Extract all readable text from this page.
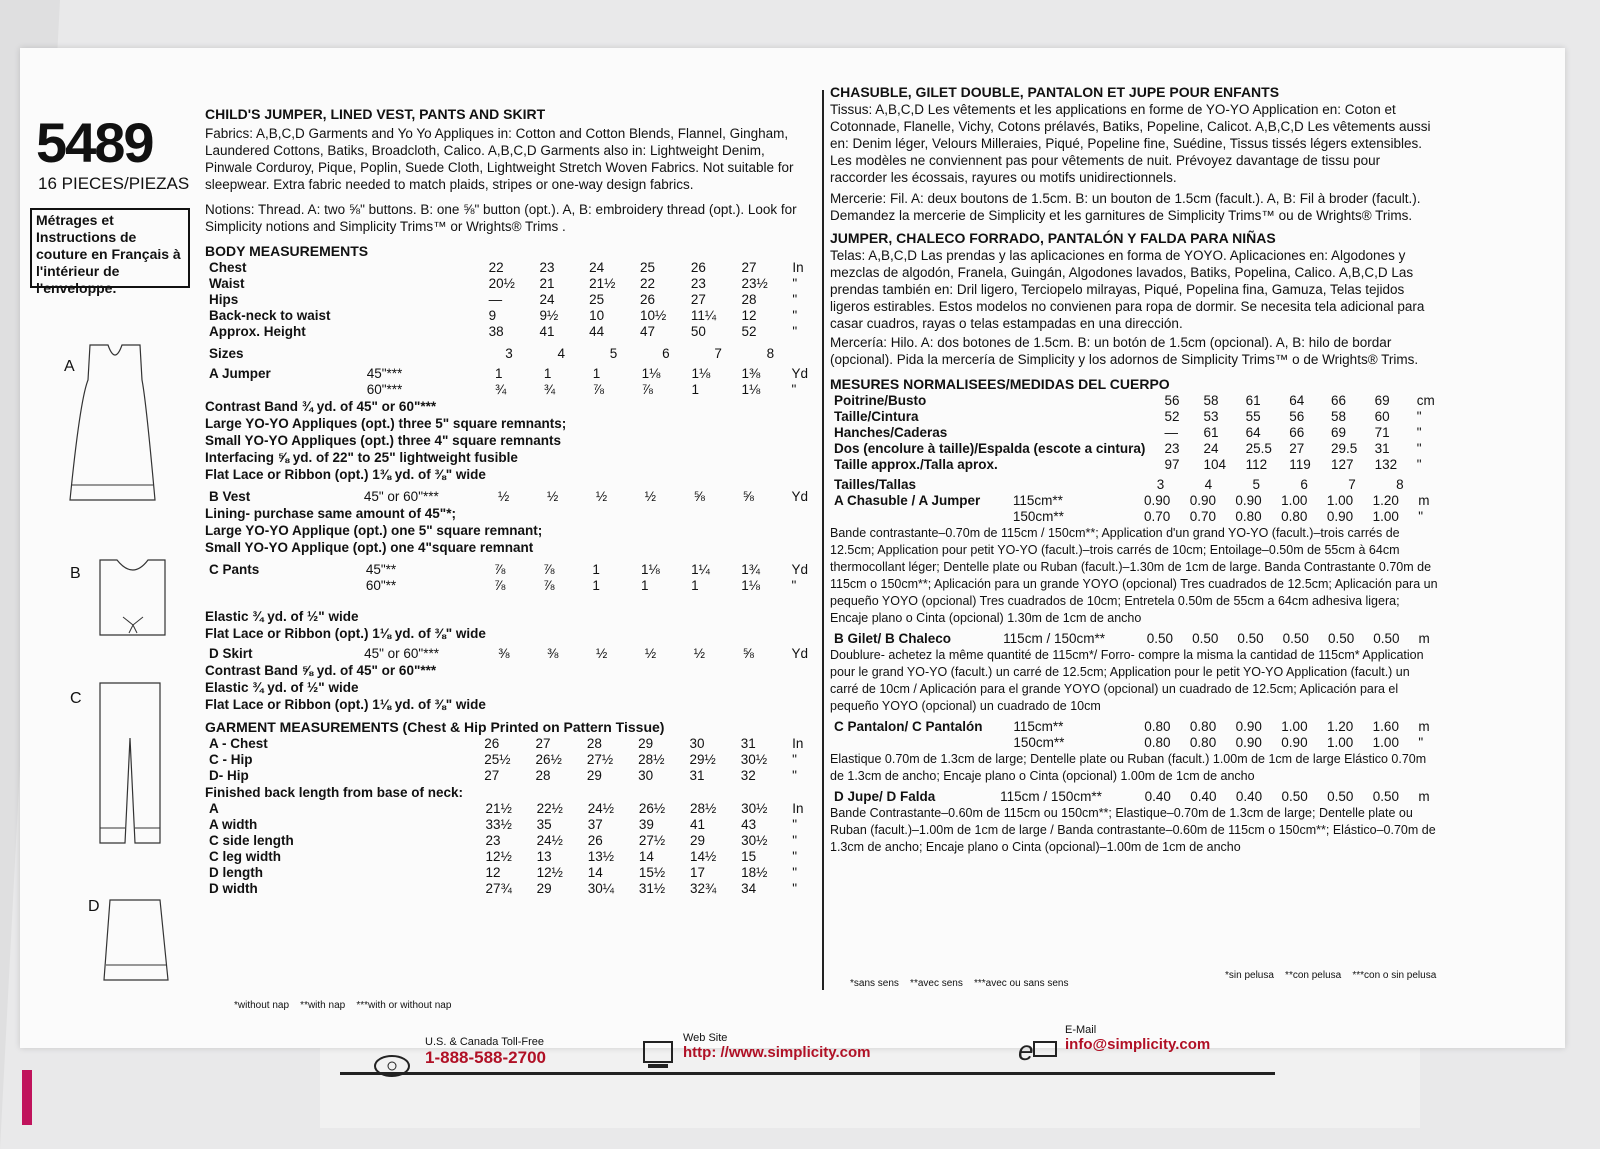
5489
16 PIECES/PIEZAS
Métrages et Instructions de couture en Français à l'intérieur de l'enveloppe.
A
B
C
D
CHILD'S JUMPER, LINED VEST, PANTS AND SKIRT
Fabrics: A,B,C,D Garments and Yo Yo Appliques in: Cotton and Cotton Blends, Flannel, Gingham, Laundered Cottons, Batiks, Broadcloth, Calico. A,B,C,D Garments also in: Lightweight Denim, Pinwale Corduroy, Pique, Poplin, Suede Cloth, Lightweight Stretch Woven Fabrics. Not suitable for sleepwear. Extra fabric needed to match plaids, stripes or one-way design fabrics.
Notions: Thread. A: two ⅝" buttons. B: one ⅝" button (opt.). A, B: embroidery thread (opt.). Look for Simplicity notions and Simplicity Trims™ or Wrights® Trims .
BODY MEASUREMENTS
Chest	22	23	24	25	26	27	In
Waist	20½	21	21½	22	23	23½	"
Hips	—	24	25	26	27	28	"
Back-neck to waist	9	9½	10	10½	11¼	12	"
Approx. Height	38	41	44	47	50	52	"
Sizes	3	4	5	6	7	8
A Jumper	45"***	1	1	1	1⅛	1⅛	1⅜	Yd
	60"***	¾	¾	⅞	⅞	1	1⅛	"
Contrast Band ¾ yd. of 45" or 60"***
Large YO-YO Appliques (opt.) three 5" square remnants;
Small YO-YO Appliques (opt.) three 4" square remnants
Interfacing ⅝ yd. of 22" to 25" lightweight fusible
Flat Lace or Ribbon (opt.) 1⅜ yd. of ⅜" wide
B Vest	45" or 60"***	½	½	½	½	⅝	⅝	Yd
Lining- purchase same amount of 45"*;
Large YO-YO Applique (opt.) one 5" square remnant;
Small YO-YO Applique (opt.) one 4"square remnant
C Pants	45"**	⅞	⅞	1	1⅛	1¼	1¾	Yd
	60"**	⅞	⅞	1	1	1	1⅛	"
Elastic ¾ yd. of ½" wide
Flat Lace or Ribbon (opt.) 1⅛ yd. of ⅜" wide
D Skirt	45" or 60"***	⅜	⅜	½	½	½	⅝	Yd
Contrast Band ⅝ yd. of 45" or 60"***
Elastic ¾ yd. of ½" wide
Flat Lace or Ribbon (opt.) 1⅛ yd. of ⅜" wide
GARMENT MEASUREMENTS (Chest & Hip Printed on Pattern Tissue)
A - Chest	26	27	28	29	30	31	In
C - Hip	25½	26½	27½	28½	29½	30½	"
D- Hip	27	28	29	30	31	32	"
Finished back length from base of neck:
A	21½	22½	24½	26½	28½	30½	In
A width	33½	35	37	39	41	43	"
C side length	23	24½	26	27½	29	30½	"
C leg width	12½	13	13½	14	14½	15	"
D length	12	12½	14	15½	17	18½	"
D width	27¾	29	30¼	31½	32¾	34	"
*without nap **with nap ***with or without nap
CHASUBLE, GILET DOUBLE, PANTALON ET JUPE POUR ENFANTS
Tissus: A,B,C,D Les vêtements et les applications en forme de YO-YO Application en: Coton et Cotonnade, Flanelle, Vichy, Cotons prélavés, Batiks, Popeline, Calicot. A,B,C,D Les vêtements aussi en: Denim léger, Velours Milleraies, Piqué, Popeline fine, Suédine, Tissus tissés légers extensibles. Les modèles ne conviennent pas pour vêtements de nuit. Prévoyez davantage de tissu pour raccorder les écossais, rayures ou motifs unidirectionnels.
Mercerie: Fil. A: deux boutons de 1.5cm. B: un bouton de 1.5cm (facult.). A, B: Fil à broder (facult.). Demandez la mercerie de Simplicity et les garnitures de Simplicity Trims™ ou de Wrights® Trims.
JUMPER, CHALECO FORRADO, PANTALÓN Y FALDA PARA NIÑAS
Telas: A,B,C,D Las prendas y las aplicaciones en forma de YOYO. Aplicaciones en: Algodones y mezclas de algodón, Franela, Guingán, Algodones lavados, Batiks, Popelina, Calico. A,B,C,D Las prendas también en: Dril ligero, Terciopelo milrayas, Piqué, Popelina fina, Gamuza, Telas tejidos ligeros estirables. Estos modelos no convienen para ropa de dormir. Se necesita tela adicional para casar cuadros, rayas o telas estampadas en una dirección.
Mercería: Hilo. A: dos botones de 1.5cm. B: un botón de 1.5cm (opcional). A, B: hilo de bordar (opcional). Pida la mercería de Simplicity y los adornos de Simplicity Trims™ o de Wrights® Trims.
MESURES NORMALISEES/MEDIDAS DEL CUERPO
Poitrine/Busto	56	58	61	64	66	69	cm
Taille/Cintura	52	53	55	56	58	60	"
Hanches/Caderas	—	61	64	66	69	71	"
Dos (encolure à taille)/Espalda (escote a cintura)	23	24	25.5	27	29.5	31	"
Taille approx./Talla aprox.	97	104	112	119	127	132	"
Tailles/Tallas	3	4	5	6	7	8
A Chasuble / A Jumper	115cm**	0.90	0.90	0.90	1.00	1.00	1.20	m
	150cm**	0.70	0.70	0.80	0.80	0.90	1.00	"
Bande contrastante–0.70m de 115cm / 150cm**; Application d'un grand YO-YO (facult.)–trois carrés de 12.5cm; Application pour petit YO-YO (facult.)–trois carrés de 10cm; Entoilage–0.50m de 55cm à 64cm thermocollant léger; Dentelle plate ou Ruban (facult.)–1.30m de 1cm de large. Banda Contrastante 0.70m de 115cm o 150cm**; Aplicación para un grande YOYO (opcional) Tres cuadrados de 12.5cm; Aplicación para un pequeño YOYO (opcional) Tres cuadrados de 10cm; Entretela 0.50m de 55cm a 64cm adhesiva ligera; Encaje plano o Cinta (opcional) 1.30m de 1cm de ancho
B Gilet/ B Chaleco	115cm / 150cm**	0.50	0.50	0.50	0.50	0.50	0.50	m
Doublure- achetez la même quantité de 115cm*/ Forro- compre la misma la cantidad de 115cm* Application pour le grand YO-YO (facult.) un carré de 12.5cm; Application pour le petit YO-YO Application (facult.) un carré de 10cm / Aplicación para el grande YOYO (opcional) un cuadrado de 12.5cm; Aplicación para el pequeño YOYO (opcional) un cuadrado de 10cm
C Pantalon/ C Pantalón	115cm**	0.80	0.80	0.90	1.00	1.20	1.60	m
	150cm**	0.80	0.80	0.90	0.90	1.00	1.00	"
Elastique 0.70m de 1.3cm de large; Dentelle plate ou Ruban (facult.) 1.00m de 1cm de large Elástico 0.70m de 1.3cm de ancho; Encaje plano o Cinta (opcional) 1.00m de 1cm de ancho
D Jupe/ D Falda	115cm / 150cm**	0.40	0.40	0.40	0.50	0.50	0.50	m
Bande Contrastante–0.60m de 115cm ou 150cm**; Elastique–0.70m de 1.3cm de large; Dentelle plate ou Ruban (facult.)–1.00m de 1cm de large / Banda contrastante–0.60m de 115cm o 150cm**; Elástico–0.70m de 1.3cm de ancho; Encaje plano o Cinta (opcional)–1.00m de 1cm de ancho
*sans sens **avec sens ***avec ou sans sens
*sin pelusa **con pelusa ***con o sin pelusa
U.S. & Canada Toll-Free
1-888-588-2700
Web Site
http: //www.simplicity.com	e
E-Mail
info@simplicity.com
